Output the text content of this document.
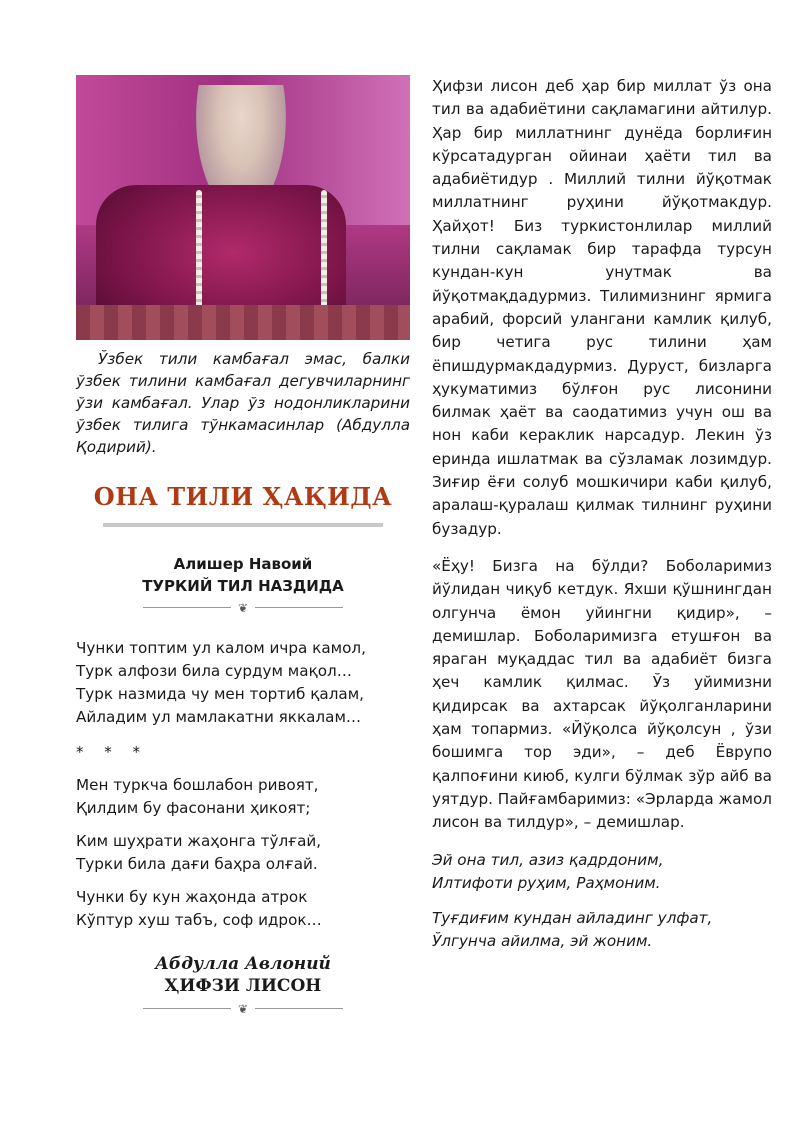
Ўзбек тили камбағал эмас, балки ўзбек тилини камбағал дегувчиларнинг ўзи камбағал. Улар ўз нодонликларини ўзбек тилига тўнкамасинлар (Абдулла Қодирий).
ОНА ТИЛИ ҲАҚИДА
Алишер Навоий
ТУРКИЙ ТИЛ НАЗДИДА
❦

Чунки топтим ул калом ичра камол,

Турк алфози била сурдум мақол…

Турк назмида чу мен тортиб қалам,

Айладим ул мамлакатни яккалам…

* * *

Мен туркча бошлабон ривоят,

Қилдим бу фасонани ҳикоят;

Ким шуҳрати жаҳонга тўлғай,

Турки била дағи баҳра олғай.

Чунки бу кун жаҳонда атрок

Кўптур хуш табъ, соф идрок…

Абдулла Авлоний
ҲИФЗИ ЛИСОН
❦

Ҳифзи лисон деб ҳар бир миллат ўз она тил ва адабиётини сақламагини айтилур. Ҳар бир миллатнинг дунёда борлиғин кўрсатадурган ойинаи ҳаёти тил ва адабиётидур . Миллий тилни йўқотмак миллатнинг руҳини йўқотмакдур. Ҳайҳот! Биз туркистонлилар миллий тилни сақламак бир тарафда турсун кундан-кун унутмак ва йўқотмақдадурмиз. Тилимизнинг ярмига арабий, форсий улангани камлик қилуб, бир четига рус тилини ҳам ёпишдурмакдадурмиз. Дуруст, бизларга ҳукуматимиз бўлғон рус лисонини билмак ҳаёт ва саодатимиз учун ош ва нон каби кераклик нарсадур. Лекин ўз ериндa ишлатмак ва сўзламак лозимдур. Зиғир ёғи солуб мошкичири каби қилуб, аралаш-қуралаш қилмак тилнинг руҳини бузадур.

«Ёҳу! Бизга на бўлди? Боболаримиз йўлидан чиқуб кетдук. Яхши қўшнингдан олгунча ёмон уйингни қидир», – демишлар. Боболаримизга етушғон ва яраган муқаддас тил ва адабиёт бизга ҳеч камлик қилмас. Ўз уйимизни қидирсак ва ахтарсак йўқолганларини ҳам топармиз. «Йўқолса йўқолсун , ўзи бошимга тор эди», – деб Ёврупо қалпоғини киюб, кулги бўлмак зўр айб ва уятдур. Пайғамбаримиз: «Эрларда жамол лисон ва тилдур», – демишлар.

Эй она тил, азиз қадрдоним,

Илтифоти руҳим, Раҳмоним.

Туғдиғим кундан айладинг улфат,

Ўлгунча айилма, эй жоним.
